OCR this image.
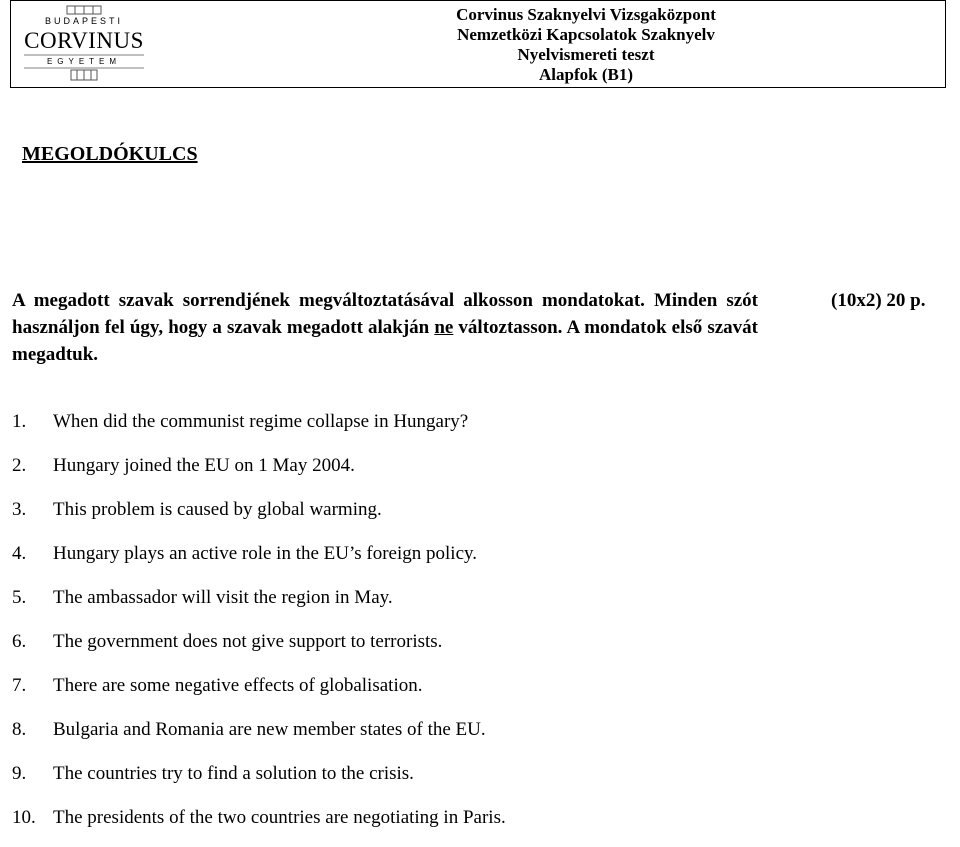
BUDAPESTI
CORVINUS
EGYETEM
Corvinus Szaknyelvi Vizsgaközpont
Nemzetközi Kapcsolatok Szaknyelv
Nyelvismereti teszt
Alapfok (B1)
MEGOLDÓKULCS
A megadott szavak sorrendjének megváltoztatásával alkosson mondatokat. Minden szót használjon fel úgy, hogy a szavak megadott alakján ne változtasson. A mondatok első szavát megadtuk.
(10x2) 20 p.
1. When did the communist regime collapse in Hungary?
2. Hungary joined the EU on 1 May 2004.
3. This problem is caused by global warming.
4. Hungary plays an active role in the EU’s foreign policy.
5. The ambassador will visit the region in May.
6. The government does not give support to terrorists.
7. There are some negative effects of globalisation.
8. Bulgaria and Romania are new member states of the EU.
9. The countries try to find a solution to the crisis.
10. The presidents of the two countries are negotiating in Paris.
